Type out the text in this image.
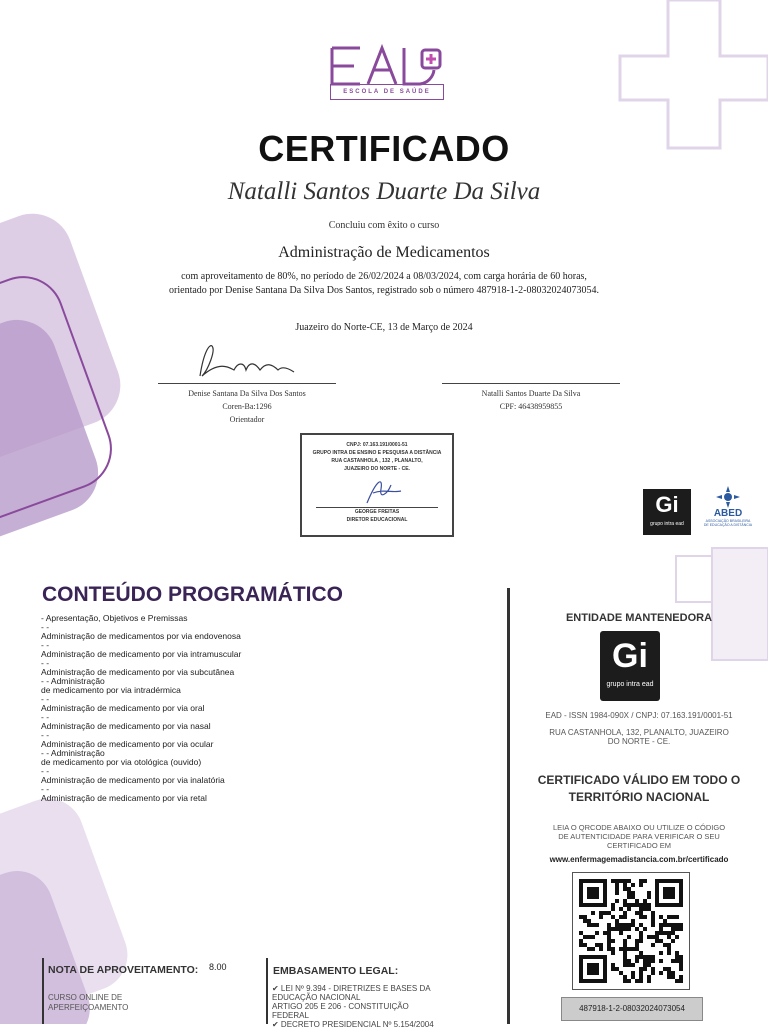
ESCOLA DE SAÚDE
CERTIFICADO
Natalli Santos Duarte Da Silva
Concluiu com êxito o curso
Administração de Medicamentos
com aproveitamento de 80%, no período de 26/02/2024 a 08/03/2024, com carga horária de 60 horas,
orientado por Denise Santana Da Silva Dos Santos, registrado sob o número 487918-1-2-08032024073054.
Juazeiro do Norte-CE, 13 de Março de 2024
Denise Santana Da Silva Dos Santos
Coren-Ba:1296
Orientador
Natalli Santos Duarte Da Silva
CPF: 46438959855
CNPJ: 07.163.191/0001-51
GRUPO INTRA DE ENSINO E PESQUISA A DISTÂNCIA
RUA CASTANHOLA , 132 , PLANALTO,
JUAZEIRO DO NORTE - CE.
GEORGE FREITAS
DIRETOR EDUCACIONAL
Gi
grupo intra ead
ABED
ASSOCIAÇÃO BRASILEIRA
DE EDUCAÇÃO A DISTÂNCIA
CONTEÚDO PROGRAMÁTICO
- Apresentação, Objetivos e Premissas
- -
Administração de medicamentos por via endovenosa
- -
Administração de medicamento por via intramuscular
- -
Administração de medicamento por via subcutânea
- - Administração
de medicamento por via intradérmica
- -
Administração de medicamento por via oral
- -
Administração de medicamento por via nasal
- -
Administração de medicamento por via ocular
- - Administração
de medicamento por via otológica (ouvido)
- -
Administração de medicamento por via inalatória
- -
Administração de medicamento por via retal
ENTIDADE MANTENEDORA
Gi
grupo intra ead
EAD - ISSN 1984-090X / CNPJ: 07.163.191/0001-51
RUA CASTANHOLA, 132, PLANALTO, JUAZEIRO
DO NORTE - CE.
CERTIFICADO VÁLIDO EM TODO O
TERRITÓRIO NACIONAL
LEIA O QRCODE ABAIXO OU UTILIZE O CÓDIGO
DE AUTENTICIDADE PARA VERIFICAR O SEU
CERTIFICADO EM
www.enfermagemadistancia.com.br/certificado
487918-1-2-08032024073054
NOTA DE APROVEITAMENTO: 8.00
CURSO ONLINE DE
APERFEIÇOAMENTO
EMBASAMENTO LEGAL:
✔ LEI Nº 9.394 - DIRETRIZES E BASES DA EDUCAÇÃO NACIONAL
ARTIGO 205 E 206 - CONSTITUIÇÃO FEDERAL
✔ DECRETO PRESIDENCIAL Nº 5.154/2004
